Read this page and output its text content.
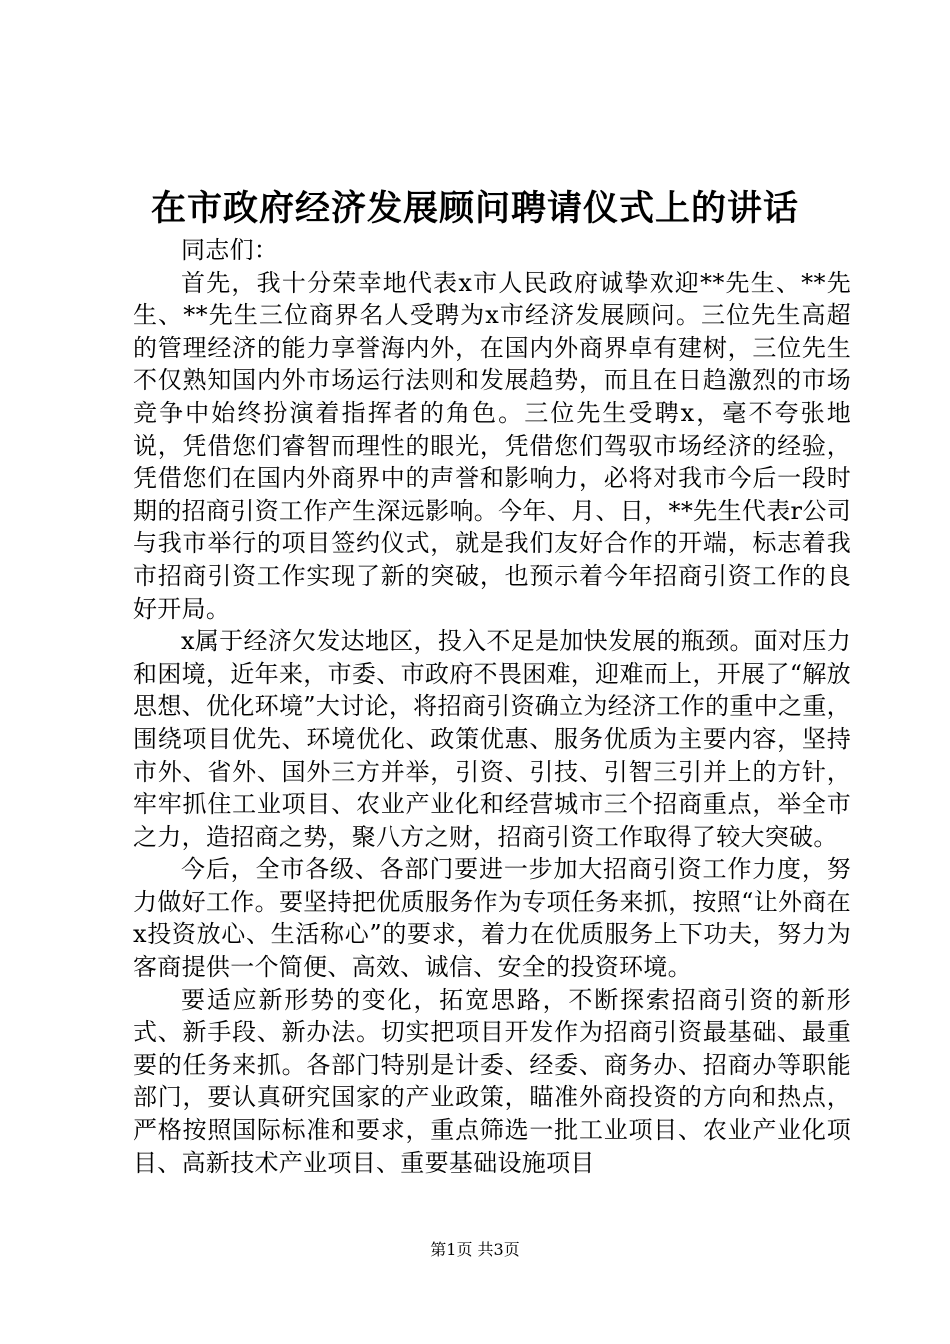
在市政府经济发展顾问聘请仪式上的讲话

同志们：

首先，我十分荣幸地代表x市人民政府诚挚欢迎**先生、**先生、**先生三位商界名人受聘为x市经济发展顾问。三位先生高超的管理经济的能力享誉海内外，在国内外商界卓有建树，三位先生不仅熟知国内外市场运行法则和发展趋势，而且在日趋激烈的市场竞争中始终扮演着指挥者的角色。三位先生受聘x，毫不夸张地说，凭借您们睿智而理性的眼光，凭借您们驾驭市场经济的经验，凭借您们在国内外商界中的声誉和影响力，必将对我市今后一段时期的招商引资工作产生深远影响。今年、月、日，**先生代表r公司与我市举行的项目签约仪式，就是我们友好合作的开端，标志着我市招商引资工作实现了新的突破，也预示着今年招商引资工作的良好开局。

x属于经济欠发达地区，投入不足是加快发展的瓶颈。面对压力和困境，近年来，市委、市政府不畏困难，迎难而上，开展了“解放思想、优化环境”大讨论，将招商引资确立为经济工作的重中之重，围绕项目优先、环境优化、政策优惠、服务优质为主要内容，坚持市外、省外、国外三方并举，引资、引技、引智三引并上的方针，牢牢抓住工业项目、农业产业化和经营城市三个招商重点，举全市之力，造招商之势，聚八方之财，招商引资工作取得了较大突破。

今后，全市各级、各部门要进一步加大招商引资工作力度，努力做好工作。要坚持把优质服务作为专项任务来抓，按照“让外商在x投资放心、生活称心”的要求，着力在优质服务上下功夫，努力为客商提供一个简便、高效、诚信、安全的投资环境。

要适应新形势的变化，拓宽思路，不断探索招商引资的新形式、新手段、新办法。切实把项目开发作为招商引资最基础、最重要的任务来抓。各部门特别是计委、经委、商务办、招商办等职能部门，要认真研究国家的产业政策，瞄准外商投资的方向和热点，严格按照国际标准和要求，重点筛选一批工业项目、农业产业化项目、高新技术产业项目、重要基础设施项目

第1页 共3页
